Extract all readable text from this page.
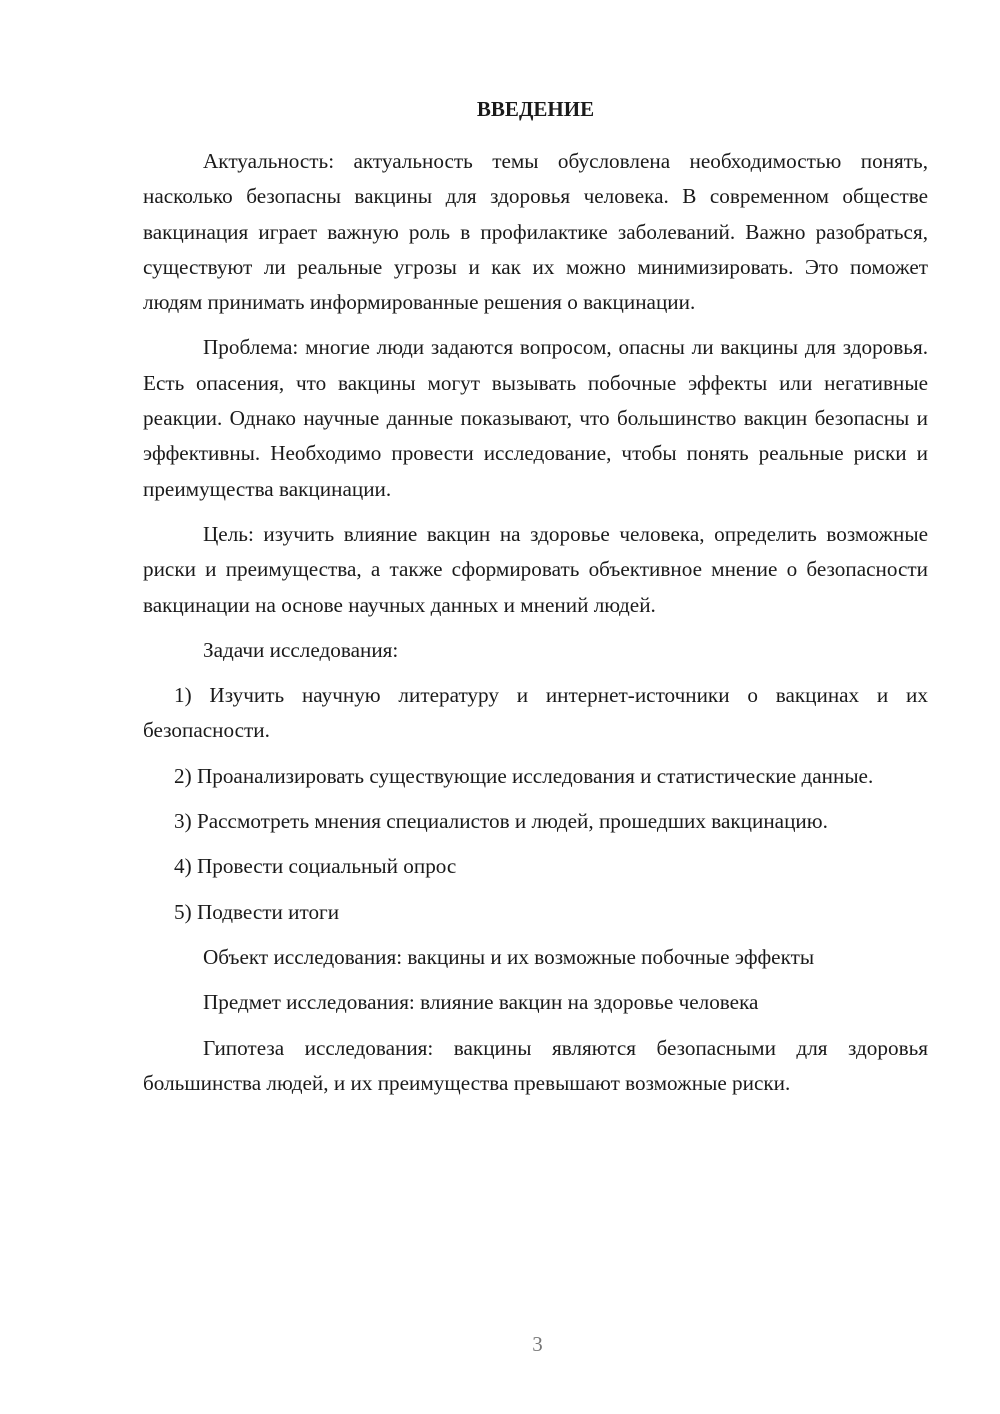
ВВЕДЕНИЕ

Актуальность: актуальность темы обусловлена необходимостью понять, насколько безопасны вакцины для здоровья человека. В современном обществе вакцинация играет важную роль в профилактике заболеваний. Важно разобраться, существуют ли реальные угрозы и как их можно минимизировать. Это поможет людям принимать информированные решения о вакцинации.

Проблема: многие люди задаются вопросом, опасны ли вакцины для здоровья. Есть опасения, что вакцины могут вызывать побочные эффекты или негативные реакции. Однако научные данные показывают, что большинство вакцин безопасны и эффективны. Необходимо провести исследование, чтобы понять реальные риски и преимущества вакцинации.

Цель: изучить влияние вакцин на здоровье человека, определить возможные риски и преимущества, а также сформировать объективное мнение о безопасности вакцинации на основе научных данных и мнений людей.

Задачи исследования:

1) Изучить научную литературу и интернет-источники о вакцинах и их безопасности.

2) Проанализировать существующие исследования и статистические данные.

3) Рассмотреть мнения специалистов и людей, прошедших вакцинацию.

4) Провести социальный опрос

5) Подвести итоги

Объект исследования: вакцины и их возможные побочные эффекты

Предмет исследования: влияние вакцин на здоровье человека

Гипотеза исследования: вакцины являются безопасными для здоровья большинства людей, и их преимущества превышают возможные риски.

3
